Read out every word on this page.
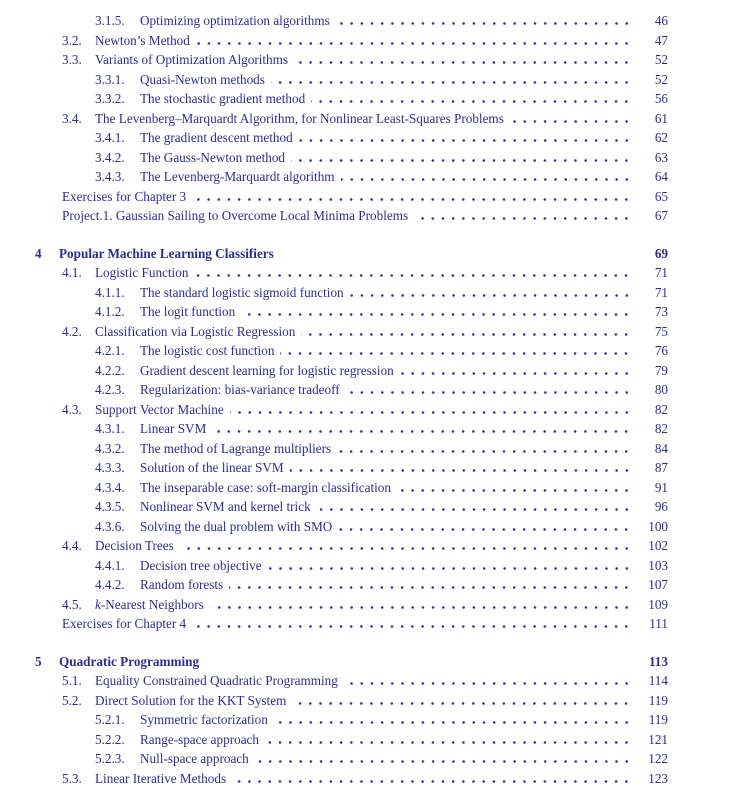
3.1.5.	Optimizing optimization algorithms	46
3.2.	Newton’s Method	47
3.3.	Variants of Optimization Algorithms	52
3.3.1.	Quasi-Newton methods	52
3.3.2.	The stochastic gradient method	56
3.4.	The Levenberg–Marquardt Algorithm, for Nonlinear Least-Squares Problems	61
3.4.1.	The gradient descent method	62
3.4.2.	The Gauss-Newton method	63
3.4.3.	The Levenberg-Marquardt algorithm	64
Exercises for Chapter 3	65
Project.1. Gaussian Sailing to Overcome Local Minima Problems	67
4	Popular Machine Learning Classifiers	69
4.1.	Logistic Function	71
4.1.1.	The standard logistic sigmoid function	71
4.1.2.	The logit function	73
4.2.	Classification via Logistic Regression	75
4.2.1.	The logistic cost function	76
4.2.2.	Gradient descent learning for logistic regression	79
4.2.3.	Regularization: bias-variance tradeoff	80
4.3.	Support Vector Machine	82
4.3.1.	Linear SVM	82
4.3.2.	The method of Lagrange multipliers	84
4.3.3.	Solution of the linear SVM	87
4.3.4.	The inseparable case: soft-margin classification	91
4.3.5.	Nonlinear SVM and kernel trick	96
4.3.6.	Solving the dual problem with SMO	100
4.4.	Decision Trees	102
4.4.1.	Decision tree objective	103
4.4.2.	Random forests	107
4.5.	k-Nearest Neighbors	109
Exercises for Chapter 4	111
5	Quadratic Programming	113
5.1.	Equality Constrained Quadratic Programming	114
5.2.	Direct Solution for the KKT System	119
5.2.1.	Symmetric factorization	119
5.2.2.	Range-space approach	121
5.2.3.	Null-space approach	122
5.3.	Linear Iterative Methods	123
